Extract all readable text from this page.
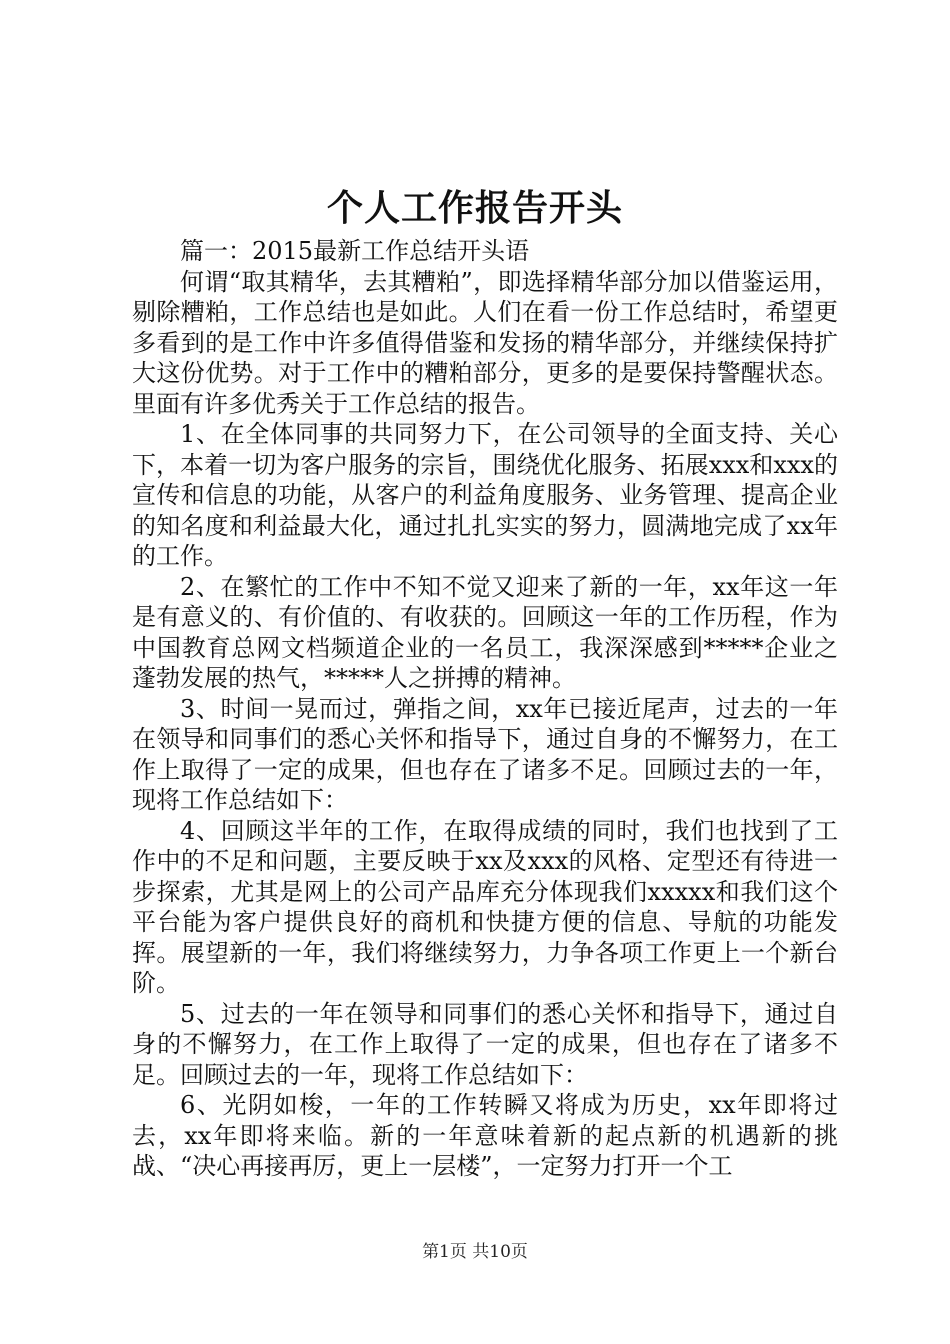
个人工作报告开头

篇一：2015最新工作总结开头语

何谓“取其精华，去其糟粕”，即选择精华部分加以借鉴运用，剔除糟粕，工作总结也是如此。人们在看一份工作总结时，希望更多看到的是工作中许多值得借鉴和发扬的精华部分，并继续保持扩大这份优势。对于工作中的糟粕部分，更多的是要保持警醒状态。里面有许多优秀关于工作总结的报告。

1、在全体同事的共同努力下，在公司领导的全面支持、关心下，本着一切为客户服务的宗旨，围绕优化服务、拓展xxx和xxx的宣传和信息的功能，从客户的利益角度服务、业务管理、提高企业的知名度和利益最大化，通过扎扎实实的努力，圆满地完成了xx年的工作。

2、在繁忙的工作中不知不觉又迎来了新的一年，xx年这一年是有意义的、有价值的、有收获的。回顾这一年的工作历程，作为中国教育总网文档频道企业的一名员工，我深深感到*****企业之蓬勃发展的热气，*****人之拼搏的精神。

3、时间一晃而过，弹指之间，xx年已接近尾声，过去的一年在领导和同事们的悉心关怀和指导下，通过自身的不懈努力，在工作上取得了一定的成果，但也存在了诸多不足。回顾过去的一年，现将工作总结如下：

4、回顾这半年的工作，在取得成绩的同时，我们也找到了工作中的不足和问题，主要反映于xx及xxx的风格、定型还有待进一步探索，尤其是网上的公司产品库充分体现我们xxxxx和我们这个平台能为客户提供良好的商机和快捷方便的信息、导航的功能发挥。展望新的一年，我们将继续努力，力争各项工作更上一个新台阶。

5、过去的一年在领导和同事们的悉心关怀和指导下，通过自身的不懈努力，在工作上取得了一定的成果，但也存在了诸多不足。回顾过去的一年，现将工作总结如下：

6、光阴如梭，一年的工作转瞬又将成为历史，xx年即将过去，xx年即将来临。新的一年意味着新的起点新的机遇新的挑战、“决心再接再厉，更上一层楼”，一定努力打开一个工

第1页 共10页
